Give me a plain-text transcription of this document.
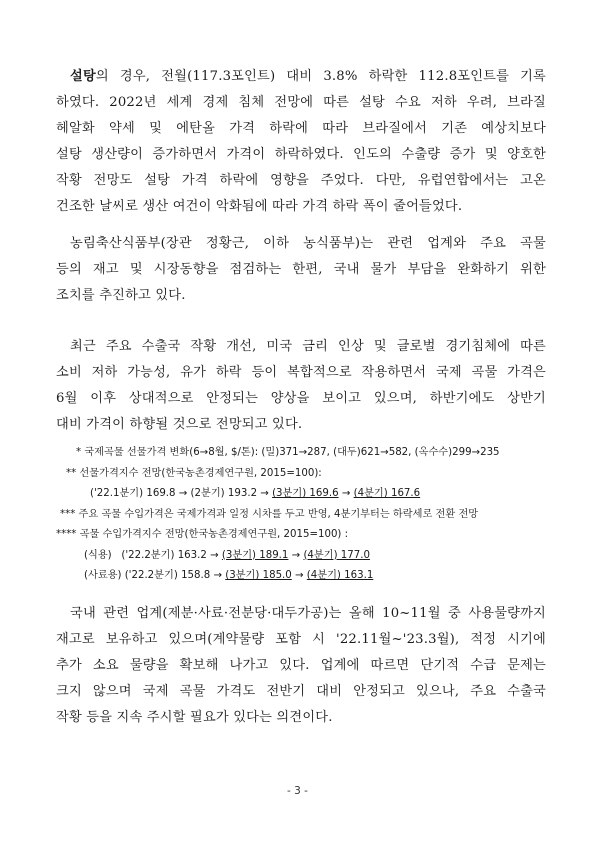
설탕의 경우, 전월(117.3포인트) 대비 3.8% 하락한 112.8포인트를 기록
하였다. 2022년 세계 경제 침체 전망에 따른 설탕 수요 저하 우려, 브라질
헤알화 약세 및 에탄올 가격 하락에 따라 브라질에서 기존 예상치보다
설탕 생산량이 증가하면서 가격이 하락하였다. 인도의 수출량 증가 및 양호한
작황 전망도 설탕 가격 하락에 영향을 주었다. 다만, 유럽연합에서는 고온
건조한 날씨로 생산 여건이 악화됨에 따라 가격 하락 폭이 줄어들었다.
농림축산식품부(장관 정황근, 이하 농식품부)는 관련 업계와 주요 곡물
등의 재고 및 시장동향을 점검하는 한편, 국내 물가 부담을 완화하기 위한
조치를 추진하고 있다.
최근 주요 수출국 작황 개선, 미국 금리 인상 및 글로벌 경기침체에 따른
소비 저하 가능성, 유가 하락 등이 복합적으로 작용하면서 국제 곡물 가격은
6월 이후 상대적으로 안정되는 양상을 보이고 있으며, 하반기에도 상반기
대비 가격이 하향될 것으로 전망되고 있다.
* 국제곡물 선물가격 변화(6→8월, $/톤): (밀)371→287, (대두)621→582, (옥수수)299→235
** 선물가격지수 전망(한국농촌경제연구원, 2015=100):
('22.1분기) 169.8 → (2분기) 193.2 → (3분기) 169.6 → (4분기) 167.6
*** 주요 곡물 수입가격은 국제가격과 일정 시차를 두고 반영, 4분기부터는 하락세로 전환 전망
**** 곡물 수입가격지수 전망(한국농촌경제연구원, 2015=100) :
(식용)   ('22.2분기) 163.2 → (3분기) 189.1 → (4분기) 177.0
(사료용) ('22.2분기) 158.8 → (3분기) 185.0 → (4분기) 163.1
국내 관련 업계(제분·사료·전분당·대두가공)는 올해 10~11월 중 사용물량까지
재고로 보유하고 있으며(계약물량 포함 시 '22.11월~'23.3월), 적정 시기에
추가 소요 물량을 확보해 나가고 있다. 업계에 따르면 단기적 수급 문제는
크지 않으며 국제 곡물 가격도 전반기 대비 안정되고 있으나, 주요 수출국
작황 등을 지속 주시할 필요가 있다는 의견이다.
- 3 -
